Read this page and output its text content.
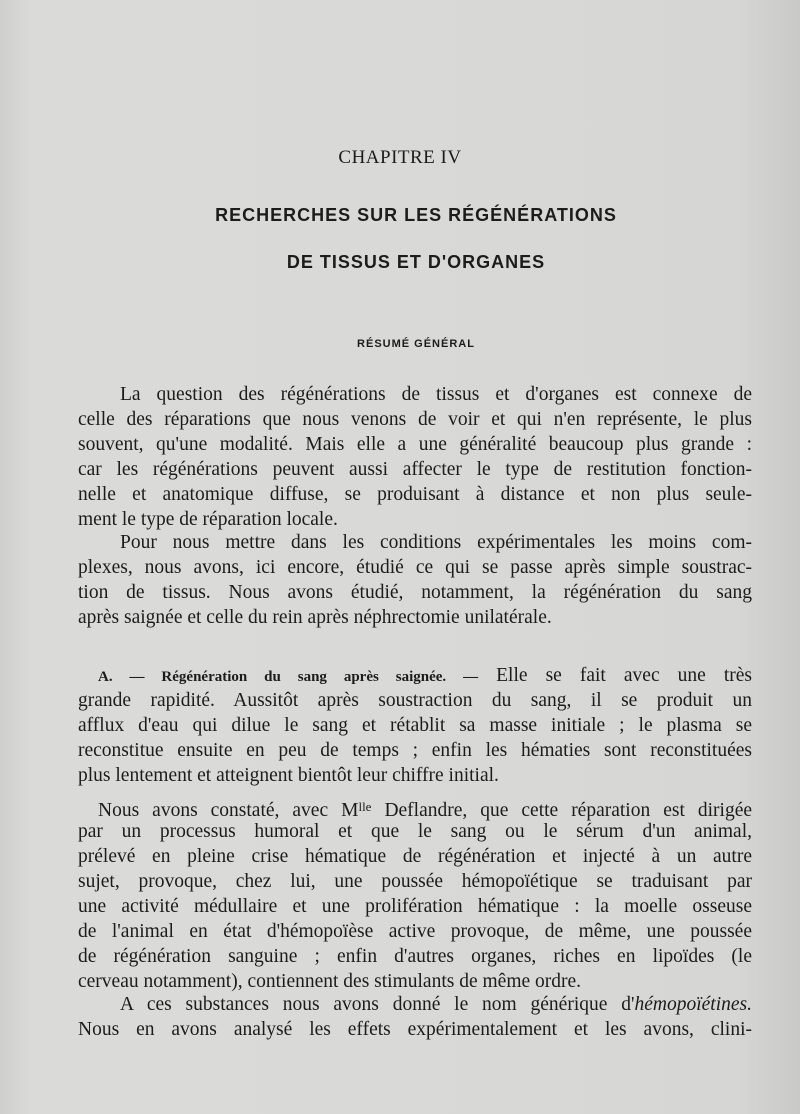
CHAPITRE IV
RECHERCHES SUR LES RÉGÉNÉRATIONS
DE TISSUS ET D'ORGANES
RÉSUMÉ GÉNÉRAL
La question des régénérations de tissus et d'organes est connexe de
celle des réparations que nous venons de voir et qui n'en représente, le plus
souvent, qu'une modalité. Mais elle a une généralité beaucoup plus grande :
car les régénérations peuvent aussi affecter le type de restitution fonction-
nelle et anatomique diffuse, se produisant à distance et non plus seule-
ment le type de réparation locale.
Pour nous mettre dans les conditions expérimentales les moins com-
plexes, nous avons, ici encore, étudié ce qui se passe après simple soustrac-
tion de tissus. Nous avons étudié, notamment, la régénération du sang
après saignée et celle du rein après néphrectomie unilatérale.
A. — Régénération du sang après saignée. — Elle se fait avec une très
grande rapidité. Aussitôt après soustraction du sang, il se produit un
afflux d'eau qui dilue le sang et rétablit sa masse initiale ; le plasma se
reconstitue ensuite en peu de temps ; enfin les hématies sont reconstituées
plus lentement et atteignent bientôt leur chiffre initial.
Nous avons constaté, avec $M^{lle}$ Deflandre, que cette réparation est dirigée
par un processus humoral et que le sang ou le sérum d'un animal,
prélevé en pleine crise hématique de régénération et injecté à un autre
sujet, provoque, chez lui, une poussée hémopoïétique se traduisant par
une activité médullaire et une prolifération hématique : la moelle osseuse
de l'animal en état d'hémopoïèse active provoque, de même, une poussée
de régénération sanguine ; enfin d'autres organes, riches en lipoïdes (le
cerveau notamment), contiennent des stimulants de même ordre.
A ces substances nous avons donné le nom générique d'hémopoïétines.
Nous en avons analysé les effets expérimentalement et les avons, clini-
